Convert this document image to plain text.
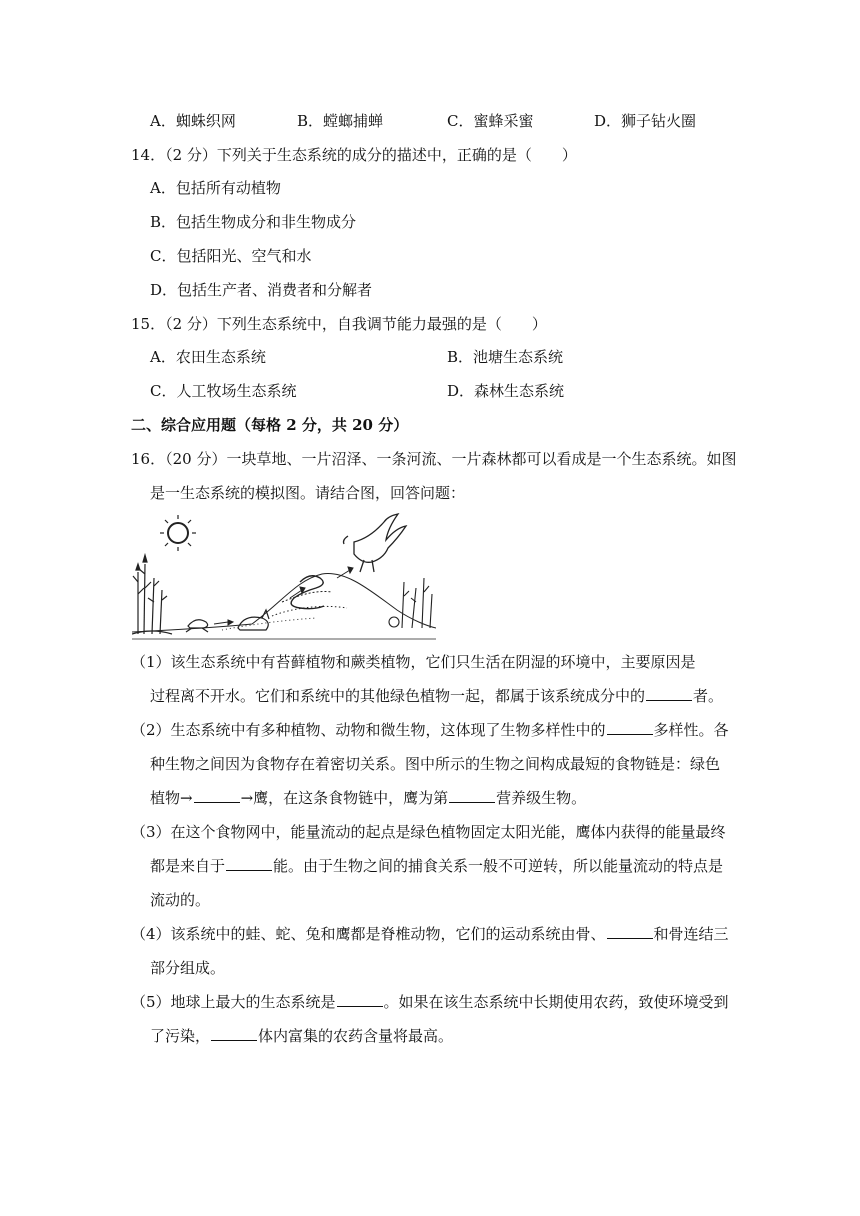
A．蜘蛛织网	B．螳螂捕蝉	C．蜜蜂采蜜	D．狮子钻火圈
14．（2 分）下列关于生态系统的成分的描述中，正确的是（　　）
A．包括所有动植物
B．包括生物成分和非生物成分
C．包括阳光、空气和水
D．包括生产者、消费者和分解者
15．（2 分）下列生态系统中，自我调节能力最强的是（　　）
A．农田生态系统	B．池塘生态系统
C．人工牧场生态系统	D．森林生态系统
二、综合应用题（每格 2 分，共 20 分）
16．（20 分）一块草地、一片沼泽、一条河流、一片森林都可以看成是一个生态系统。如图
是一生态系统的模拟图。请结合图，回答问题：
（1）该生态系统中有苔藓植物和蕨类植物，它们只生活在阴湿的环境中，主要原因是
过程离不开水。它们和系统中的其他绿色植物一起，都属于该系统成分中的	者。
（2）生态系统中有多种植物、动物和微生物，这体现了生物多样性中的	多样性。各
种生物之间因为食物存在着密切关系。图中所示的生物之间构成最短的食物链是：绿色
植物→	→鹰，在这条食物链中，鹰为第	营养级生物。
（3）在这个食物网中，能量流动的起点是绿色植物固定太阳光能，鹰体内获得的能量最终
都是来自于	能。由于生物之间的捕食关系一般不可逆转，所以能量流动的特点是
流动的。
（4）该系统中的蛙、蛇、兔和鹰都是脊椎动物，它们的运动系统由骨、	和骨连结三
部分组成。
（5）地球上最大的生态系统是	。如果在该生态系统中长期使用农药，致使环境受到
了污染，	体内富集的农药含量将最高。
